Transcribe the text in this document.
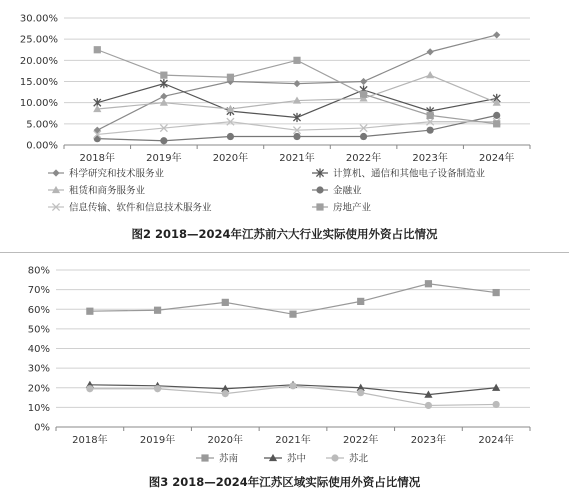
0.00%
5.00%
10.00%
15.00%
20.00%
25.00%
30.00%
2018年	2019年	2020年	2021年	2022年	2023年	2024年
科学研究和技术服务业	计算机、通信和其他电子设备制造业
租赁和商务服务业	金融业
信息传输、软件和信息技术服务业	房地产业
图2 2018—2024年江苏前六大行业实际使用外资占比情况
0%
10%
20%
30%
40%
50%
60%
70%
80%
2018年	2019年	2020年	2021年	2022年	2023年	2024年
苏南	苏中	苏北
图3 2018—2024年江苏区域实际使用外资占比情况
